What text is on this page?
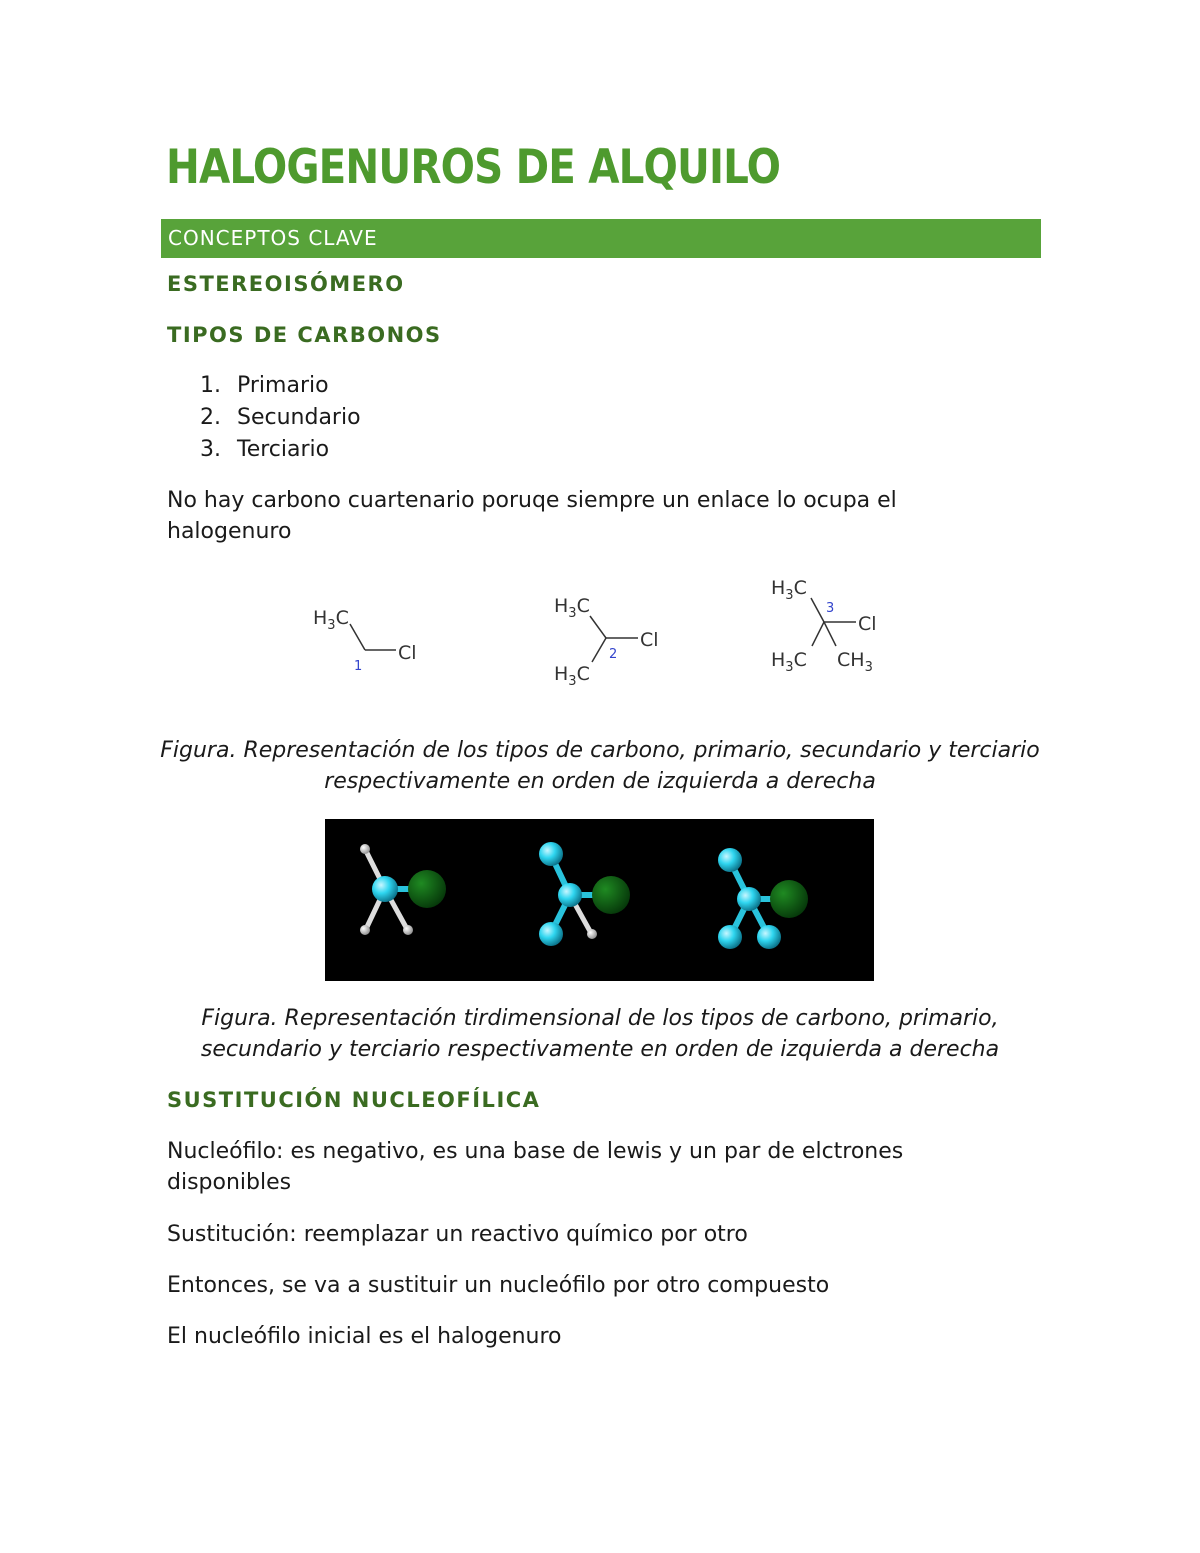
HALOGENUROS DE ALQUILO
CONCEPTOS CLAVE
ESTEREOISÓMERO
TIPOS DE CARBONOS
1. Primario
2. Secundario
3. Terciario

No hay carbono cuartenario poruqe siempre un enlace lo ocupa el halogenuro

$H_3C$
Cl
1
$H_3C$
Cl
$H_3C$
2
$H_3C$
Cl
$H_3C$ $CH_3$
3

Figura. Representación de los tipos de carbono, primario, secundario y terciario respectivamente en orden de izquierda a derecha

Figura. Representación tirdimensional de los tipos de carbono, primario, secundario y terciario respectivamente en orden de izquierda a derecha

SUSTITUCIÓN NUCLEOFÍLICA

Nucleófilo: es negativo, es una base de lewis y un par de elctrones disponibles

Sustitución: reemplazar un reactivo químico por otro

Entonces, se va a sustituir un nucleófilo por otro compuesto

El nucleófilo inicial es el halogenuro
